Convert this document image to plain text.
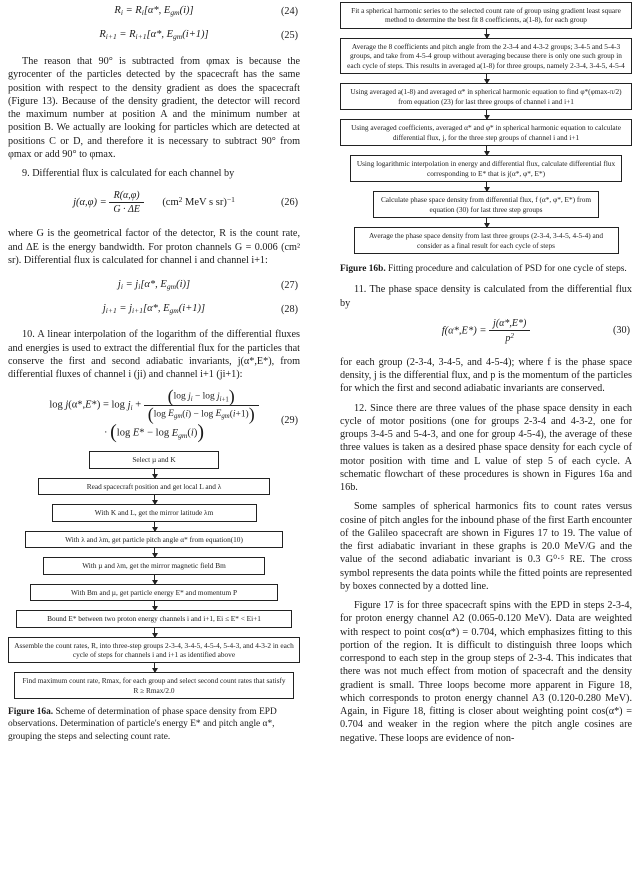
$R_i = R_i[\alpha*$, $E_{gm}(i)$]	(24)
$R_{i+1} = R_{i+1}[\alpha*$, $E_{gm}(i+1)$]	(25)

The reason that 90° is subtracted from φmax is because the gyrocenter of the particles detected by the spacecraft has the same position with respect to the density gradient as does the spacecraft (Figure 13). Because of the density gradient, the detector will record the maximum number at position A and the minimum number at position B. We actually are looking for particles which are detected at positions C or D, and therefore it is necessary to subtract 90° from φmax or add 90° to φmax.

9. Differential flux is calculated for each channel by

$j(\alpha,\varphi) = \frac{R(\alpha,\varphi)}{G \cdot \Delta E} (cm^2$ MeV s sr)$^{-1}$	(26)

where G is the geometrical factor of the detector, R is the count rate, and ΔE is the energy bandwidth. For proton channels G = 0.006 (cm² sr). Differential flux is calculated for channel i and channel i+1:

$j_i = j_i[\alpha*$, $E_{gm}(i)$]	(27)
$j_{i+1} = j_{i+1}[\alpha*$, $E_{gm}(i+1)$]	(28)

10. A linear interpolation of the logarithm of the differential fluxes and energies is used to extract the differential flux for the particles that conserve the first and second adiabatic invariants, j(α*,E*), from differential fluxes of channel i (ji) and channel i+1 (ji+1):

$\log j(\alpha*,E*) = \log j_i + \frac{(\log j_i - \log j_{i+1})}{(\log E_{gm}(i) - \log E_{gm}(i+1))} (29)$
· (log $E* - \log E_{gm}(i)$)
Select µ and K
Read spacecraft position and get local L and λ
With K and L, get the mirror latitude λm
With λ and λm, get particle pitch angle α* from equation(10)
With µ and λm, get the mirror magnetic field Bm
With Bm and µ, get particle energy E* and momentum P
Bound E* between two proton energy channels i and i+1, Ei ≤ E* < Ei+1
Assemble the count rates, R, into three-step groups 2-3-4, 3-4-5, 4-5-4, 5-4-3, and 4-3-2 in each cycle of steps for channels i and i+1 as identified above
Find maximum count rate, Rmax, for each group and select second count rates that satisfy R ≥ Rmax/2.0
Figure 16a. Scheme of determination of phase space density from EPD observations. Determination of particle's energy E* and pitch angle α*, grouping the steps and selecting count rate.
Fit a spherical harmonic series to the selected count rate of group using gradient least square method to determine the best fit 8 coefficients, a(1-8), for each group
Average the 8 coefficients and pitch angle from the 2-3-4 and 4-3-2 groups; 3-4-5 and 5-4-3 groups, and take from 4-5-4 group without averaging because there is only one such group in each cycle of steps. This results in averaged a(1-8) for three groups, namely 2-3-4, 3-4-5, 4-5-4
Using averaged a(1-8) and averaged α* in spherical harmonic equation to find φ*(φmax-π/2) from equation (23) for last three groups of channel i and i+1
Using averaged coefficients, averaged α* and φ* in spherical harmonic equation to calculate differential flux, j, for the three step groups of channel i and i+1
Using logarithmic interpolation in energy and differential flux, calculate differential flux corresponding to E* that is j(α*, φ*, E*)
Calculate phase space density from differential flux, f (α*, φ*, E*) from equation (30) for last three step groups
Average the phase space density from last three groups (2-3-4, 3-4-5, 4-5-4) and consider as a final result for each cycle of steps
Figure 16b. Fitting procedure and calculation of PSD for one cycle of steps.

11. The phase space density is calculated from the differential flux by

$f(\alpha*,E*) = \frac{j(\alpha*,E*)}{p^2}$	(30)

for each group (2-3-4, 3-4-5, and 4-5-4); where f is the phase space density, j is the differential flux, and p is the momentum of the particles for which the first and second adiabatic invariants are conserved.

12. Since there are three values of the phase space density in each cycle of motor positions (one for groups 2-3-4 and 4-3-2, one for groups 3-4-5 and 5-4-3, and one for group 4-5-4), the average of these three values is taken as a desired phase space density for each cycle of motor position with time and L value of step 5 of each cycle. A schematic flowchart of these procedures is shown in Figures 16a and 16b.

Some samples of spherical harmonics fits to count rates versus cosine of pitch angles for the inbound phase of the first Earth encounter of the Galileo spacecraft are shown in Figures 17 to 19. The value of the first adiabatic invariant in these graphs is 20.0 MeV/G and the value of the second adiabatic invariant is 0.3 G⁰·⁵ RE. The cross symbol represents the data points while the fitted points are represented by boxes connected by a dotted line.

Figure 17 is for three spacecraft spins with the EPD in steps 2-3-4, for proton energy channel A2 (0.065-0.120 MeV). Data are weighted with respect to point cos(α*) = 0.704, which emphasizes fitting to this portion of the region. It is difficult to distinguish three loops which correspond to each step in the group steps of 2-3-4. This indicates that there was not much effect from motion of spacecraft and the density gradient is small. Three loops become more apparent in Figure 18, which corresponds to proton energy channel A3 (0.120-0.280 MeV). Again, in Figure 18, fitting is closer about weighting point cos(α*) = 0.704 and weaker in the region where the pitch angle cosines are negative. These loops are evidence of non-
